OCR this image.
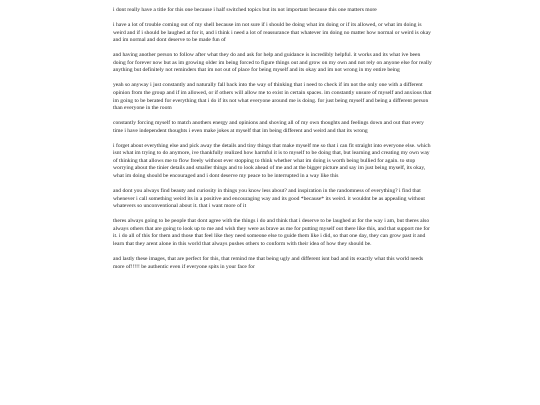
i dont really have a title for this one because i half switched topics but its not important because this one matters more

i have a lot of trouble coming out of my shell because im not sure if i should be doing what im doing or if its allowed, or what im doing is weird and if i should be laughed at for it, and i think i need a lot of reassurance that whatever im doing no matter how normal or weird is okay and im normal and dont deserve to be made fun of

and having another person to follow after what they do and ask for help and guidance is incredibly helpful. it works and its what ive been doing for forever now but as im growing older im being forced to figure things out and grow on my own and not rely on anyone else for really anything but definitely not reminders that im not out of place for being myself and its okay and im not wrong in my entire being

yeah so anyway i just constantly and naturally fall back into the way of thinking that i need to check if im not the only one with a different opinion from the group and if im allowed, or if others will allow me to exist in certain spaces. im constantly unsure of myself and anxious that im going to be berated for everything that i do if its not what everyone around me is doing. for just being myself and being a different person than everyone in the room

constantly forcing myself to match anothers energy and opinions and shoving all of my own thoughts and feelings down and out that every time i have independent thoughts i even make jokes at myself that im being different and weird and that its wrong

i forget about everything else and pick away the details and tiny things that make myself me so that i can fit straight into everyone else. which isnt what im trying to do anymore, ive thankfully realized how harmful it is to myself to be doing that, but learning and creating my own way of thinking that allows me to flow freely without ever stopping to think whether what im doing is worth being bullied for again. to stop worrying about the tinier details and smaller things and to look ahead of me and at the bigger picture and say im just being myself, its okay, what im doing should be encouraged and i dont deserve my peace to be interrupted in a way like this

and dont you always find beauty and curiosity in things you know less about? and inspiration in the randomness of everything? i find that whenever i call something weird its in a positive and encouraging way and its good *because* its weird. it wouldnt be as appealing without whatevers so unconventional about it. that i want more of it

theres always going to be people that dont agree with the things i do and think that i deserve to be laughed at for the way i am, but theres also always others that are going to look up to me and wish they were as brave as me for putting myself out there like this, and that support me for it. i do all of this for them and those that feel like they need someone else to guide them like i did, so that one day, they can grow past it and learn that they arent alone in this world that always pushes others to conform with their idea of how they should be.

and lastly these images, that are perfect for this, that remind me that being ugly and different isnt bad and its exactly what this world needs more of!!!!! be authentic even if everyone spits in your face for
